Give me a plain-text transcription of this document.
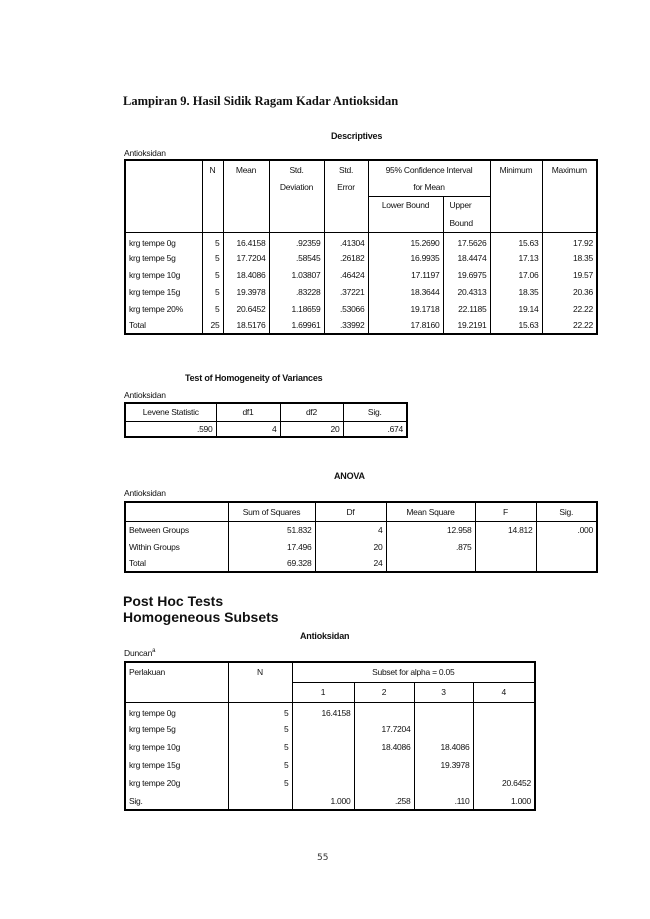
Lampiran 9. Hasil Sidik Ragam Kadar Antioksidan
Descriptives
Antioksidan
	N	Mean	Std.	Std.	95% Confidence Interval		Minimum	Maximum
			Deviation	Error	for Mean			
					Lower Bound	Upper		
						Bound		
krg tempe 0g	5	16.4158	.92359	.41304	15.2690	17.5626	15.63	17.92
krg tempe 5g	5	17.7204	.58545	.26182	16.9935	18.4474	17.13	18.35
krg tempe 10g	5	18.4086	1.03807	.46424	17.1197	19.6975	17.06	19.57
krg tempe 15g	5	19.3978	.83228	.37221	18.3644	20.4313	18.35	20.36
krg tempe 20%	5	20.6452	1.18659	.53066	19.1718	22.1185	19.14	22.22
Total	25	18.5176	1.69961	.33992	17.8160	19.2191	15.63	22.22
Test of Homogeneity of Variances
Antioksidan
Levene Statistic	df1	df2	Sig.
.590	4	20	.674
ANOVA
Antioksidan
	Sum of Squares	Df	Mean Square	F	Sig.
Between Groups	51.832	4	12.958	14.812	.000
Within Groups	17.496	20	.875		
Total	69.328	24			
Post Hoc Tests
Homogeneous Subsets
Antioksidan
Duncan$^a$
Perlakuan	N	Subset for alpha = 0.05			
		1	2	3	4
krg tempe 0g	5	16.4158			
krg tempe 5g	5		17.7204		
krg tempe 10g	5		18.4086	18.4086	
krg tempe 15g	5			19.3978	
krg tempe 20g	5				20.6452
Sig.		1.000	.258	.110	1.000
55
